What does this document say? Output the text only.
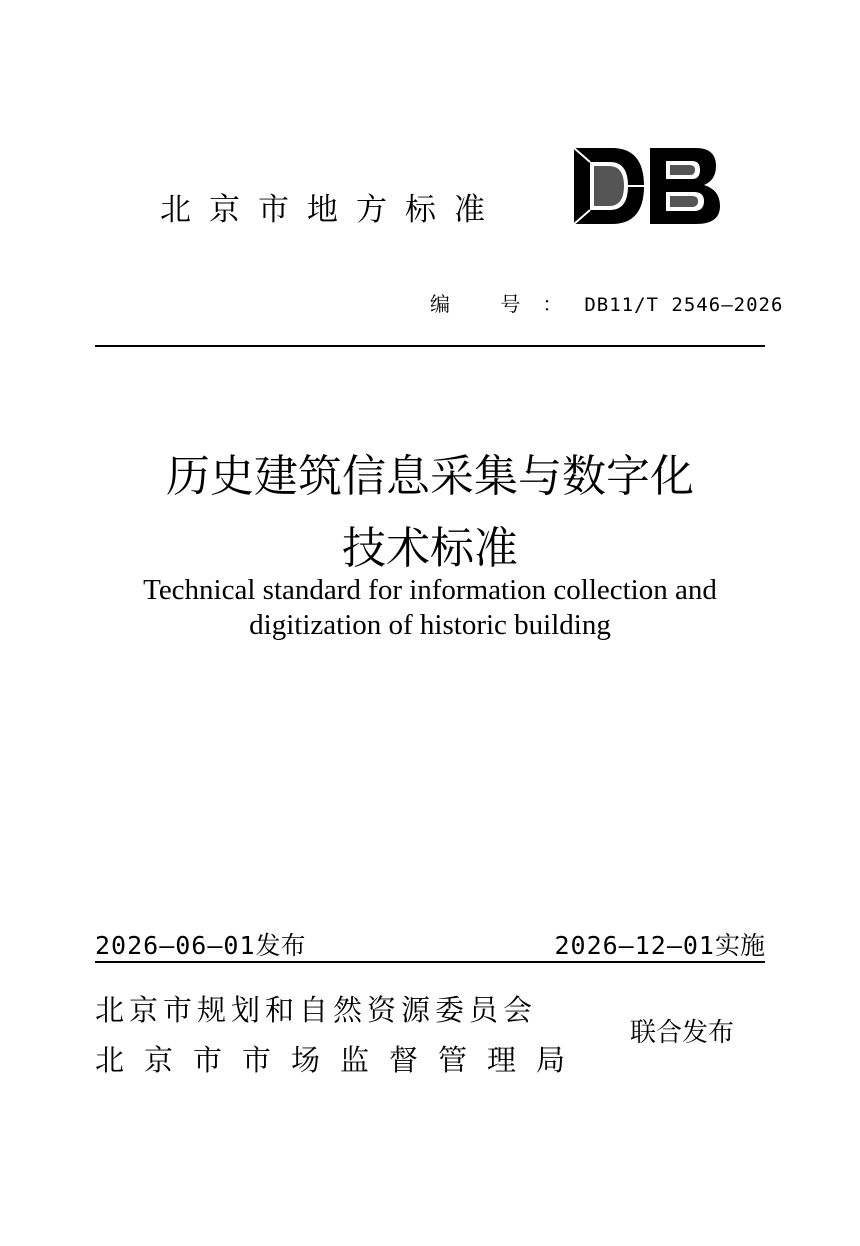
北京市地方标准
编 号：DB11/T 2546—2026
历史建筑信息采集与数字化
技术标准
Technical standard for information collection and
digitization of historic building
2026—06—01发布	2026—12—01实施
北京市规划和自然资源委员会
北京市市场监督管理局
联合发布
